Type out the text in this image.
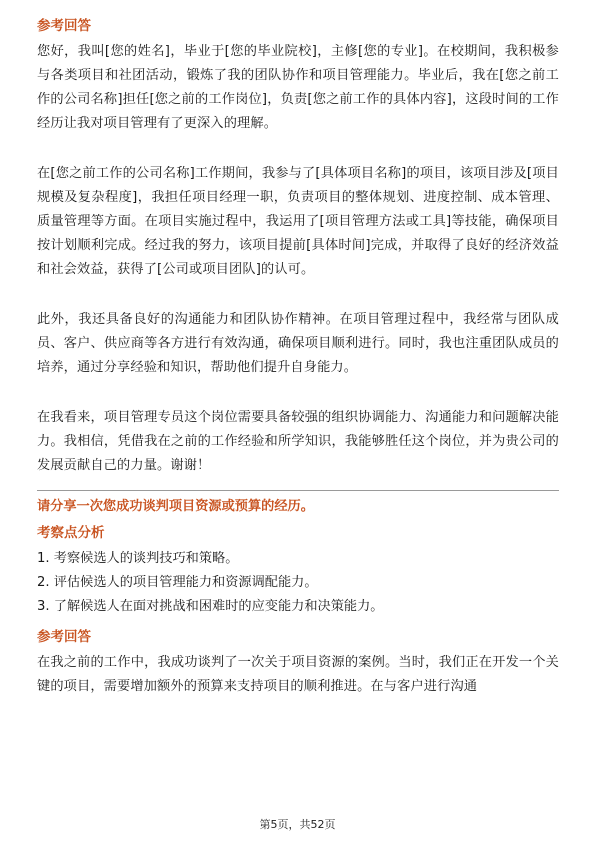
参考回答

您好，我叫[您的姓名]，毕业于[您的毕业院校]，主修[您的专业]。在校期间，我积极参与各类项目和社团活动，锻炼了我的团队协作和项目管理能力。毕业后，我在[您之前工作的公司名称]担任[您之前的工作岗位]，负责[您之前工作的具体内容]，这段时间的工作经历让我对项目管理有了更深入的理解。

在[您之前工作的公司名称]工作期间，我参与了[具体项目名称]的项目，该项目涉及[项目规模及复杂程度]，我担任项目经理一职，负责项目的整体规划、进度控制、成本管理、质量管理等方面。在项目实施过程中，我运用了[项目管理方法或工具]等技能，确保项目按计划顺利完成。经过我的努力，该项目提前[具体时间]完成，并取得了良好的经济效益和社会效益，获得了[公司或项目团队]的认可。

此外，我还具备良好的沟通能力和团队协作精神。在项目管理过程中，我经常与团队成员、客户、供应商等各方进行有效沟通，确保项目顺利进行。同时，我也注重团队成员的培养，通过分享经验和知识，帮助他们提升自身能力。

在我看来，项目管理专员这个岗位需要具备较强的组织协调能力、沟通能力和问题解决能力。我相信，凭借我在之前的工作经验和所学知识，我能够胜任这个岗位，并为贵公司的发展贡献自己的力量。谢谢！

请分享一次您成功谈判项目资源或预算的经历。

考察点分析

1. 考察候选人的谈判技巧和策略。

2. 评估候选人的项目管理能力和资源调配能力。

3. 了解候选人在面对挑战和困难时的应变能力和决策能力。

参考回答

在我之前的工作中，我成功谈判了一次关于项目资源的案例。当时，我们正在开发一个关键的项目，需要增加额外的预算来支持项目的顺利推进。在与客户进行沟通

第5页，共52页
